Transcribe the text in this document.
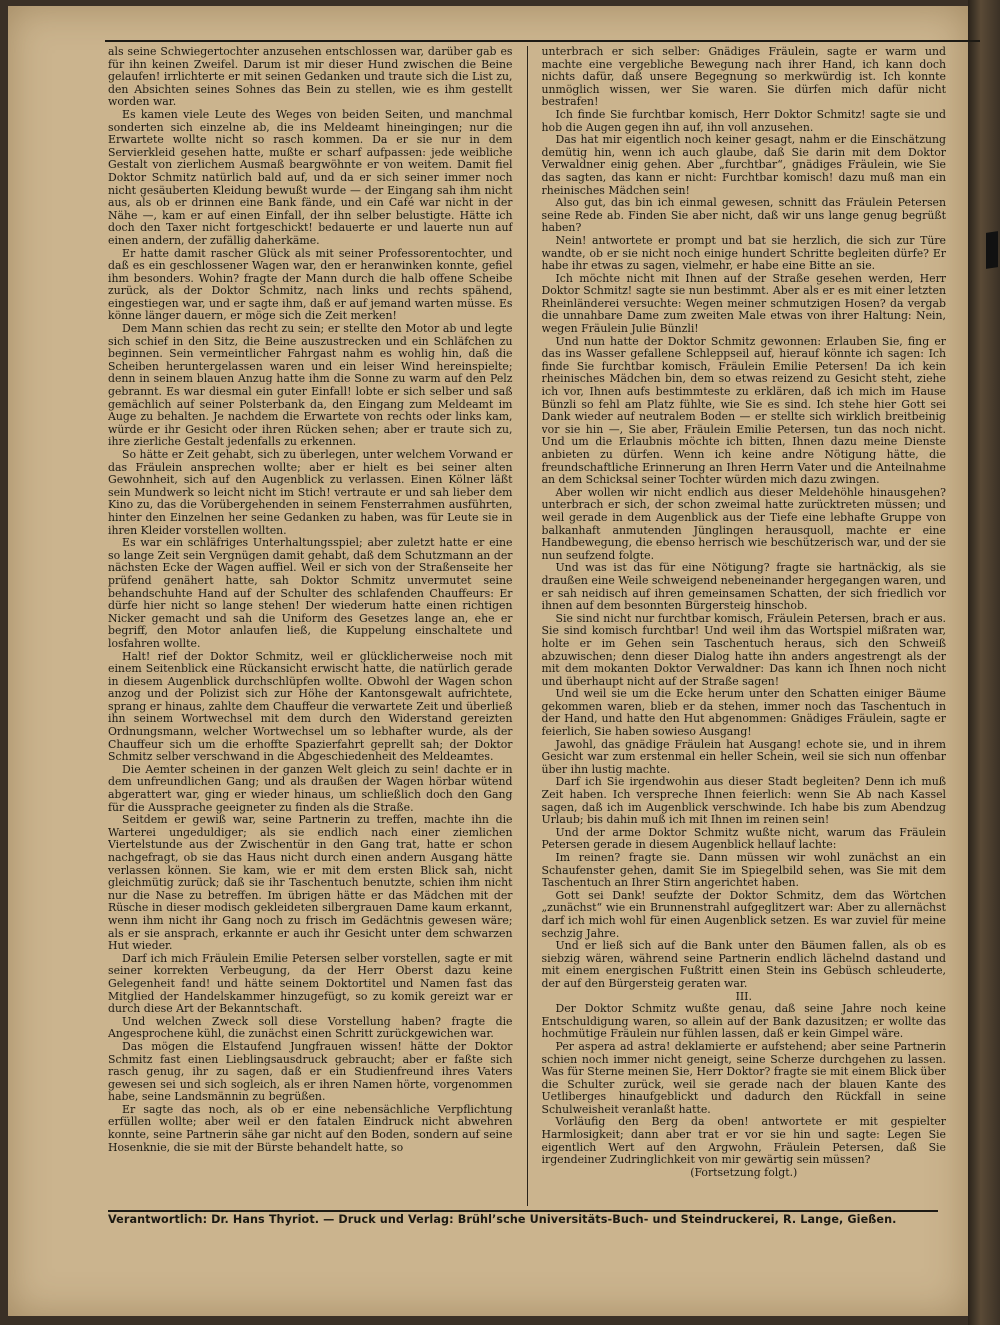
als seine Schwiegertochter anzusehen entschlossen war, darüber gab es für ihn keinen Zweifel. Darum ist mir dieser Hund zwischen die Beine gelaufen! irrlichterte er mit seinen Gedanken und traute sich die List zu, den Absichten seines Sohnes das Bein zu stellen, wie es ihm gestellt worden war.

Es kamen viele Leute des Weges von beiden Seiten, und manchmal sonderten sich einzelne ab, die ins Meldeamt hineingingen; nur die Erwartete wollte nicht so rasch kommen. Da er sie nur in dem Servierkleid gesehen hatte, mußte er scharf aufpassen: jede weibliche Gestalt von zierlichem Ausmaß beargwöhnte er von weitem. Damit fiel Doktor Schmitz natürlich bald auf, und da er sich seiner immer noch nicht gesäuberten Kleidung bewußt wurde — der Eingang sah ihm nicht aus, als ob er drinnen eine Bank fände, und ein Café war nicht in der Nähe —, kam er auf einen Einfall, der ihn selber belustigte. Hätte ich doch den Taxer nicht fortgeschickt! bedauerte er und lauerte nun auf einen andern, der zufällig daherkäme.

Er hatte damit rascher Glück als mit seiner Professorentochter, und daß es ein geschlossener Wagen war, den er heranwinken konnte, gefiel ihm besonders. Wohin? fragte der Mann durch die halb offene Scheibe zurück, als der Doktor Schmitz, nach links und rechts spähend, eingestiegen war, und er sagte ihm, daß er auf jemand warten müsse. Es könne länger dauern, er möge sich die Zeit merken!

Dem Mann schien das recht zu sein; er stellte den Motor ab und legte sich schief in den Sitz, die Beine auszustrecken und ein Schläfchen zu beginnen. Sein vermeintlicher Fahrgast nahm es wohlig hin, daß die Scheiben heruntergelassen waren und ein leiser Wind hereinspielte; denn in seinem blauen Anzug hatte ihm die Sonne zu warm auf den Pelz gebrannt. Es war diesmal ein guter Einfall! lobte er sich selber und saß gemächlich auf seiner Polsterbank da, den Eingang zum Meldeamt im Auge zu behalten. Je nachdem die Erwartete von rechts oder links kam, würde er ihr Gesicht oder ihren Rücken sehen; aber er traute sich zu, ihre zierliche Gestalt jedenfalls zu erkennen.

So hätte er Zeit gehabt, sich zu überlegen, unter welchem Vorwand er das Fräulein ansprechen wollte; aber er hielt es bei seiner alten Gewohnheit, sich auf den Augenblick zu verlassen. Einen Kölner läßt sein Mundwerk so leicht nicht im Stich! vertraute er und sah lieber dem Kino zu, das die Vorübergehenden in seinem Fensterrahmen ausführten, hinter den Einzelnen her seine Gedanken zu haben, was für Leute sie in ihren Kleider vorstellen wollten.

Es war ein schläfriges Unterhaltungsspiel; aber zuletzt hatte er eine so lange Zeit sein Vergnügen damit gehabt, daß dem Schutzmann an der nächsten Ecke der Wagen auffiel. Weil er sich von der Straßenseite her prüfend genähert hatte, sah Doktor Schmitz unvermutet seine behandschuhte Hand auf der Schulter des schlafenden Chauffeurs: Er dürfe hier nicht so lange stehen! Der wiederum hatte einen richtigen Nicker gemacht und sah die Uniform des Gesetzes lange an, ehe er begriff, den Motor anlaufen ließ, die Kuppelung einschaltete und losfahren wollte.

Halt! rief der Doktor Schmitz, weil er glücklicherweise noch mit einem Seitenblick eine Rückansicht erwischt hatte, die natürlich gerade in diesem Augenblick durchschlüpfen wollte. Obwohl der Wagen schon anzog und der Polizist sich zur Höhe der Kantonsgewalt aufrichtete, sprang er hinaus, zahlte dem Chauffeur die verwartete Zeit und überließ ihn seinem Wortwechsel mit dem durch den Widerstand gereizten Ordnungsmann, welcher Wortwechsel um so lebhafter wurde, als der Chauffeur sich um die erhoffte Spazierfahrt geprellt sah; der Doktor Schmitz selber verschwand in die Abgeschiedenheit des Meldeamtes.

Die Aemter scheinen in der ganzen Welt gleich zu sein! dachte er in dem unfreundlichen Gang; und als draußen der Wagen hörbar wütend abgerattert war, ging er wieder hinaus, um schließlich doch den Gang für die Aussprache geeigneter zu finden als die Straße.

Seitdem er gewiß war, seine Partnerin zu treffen, machte ihn die Warterei ungeduldiger; als sie endlich nach einer ziemlichen Viertelstunde aus der Zwischentür in den Gang trat, hatte er schon nachgefragt, ob sie das Haus nicht durch einen andern Ausgang hätte verlassen können. Sie kam, wie er mit dem ersten Blick sah, nicht gleichmütig zurück; daß sie ihr Taschentuch benutzte, schien ihm nicht nur die Nase zu betreffen. Im übrigen hätte er das Mädchen mit der Rüsche in dieser modisch gekleideten silbergrauen Dame kaum erkannt, wenn ihm nicht ihr Gang noch zu frisch im Gedächtnis gewesen wäre; als er sie ansprach, erkannte er auch ihr Gesicht unter dem schwarzen Hut wieder.

Darf ich mich Fräulein Emilie Petersen selber vorstellen, sagte er mit seiner korrekten Verbeugung, da der Herr Oberst dazu keine Gelegenheit fand! und hätte seinem Doktortitel und Namen fast das Mitglied der Handelskammer hinzugefügt, so zu komik gereizt war er durch diese Art der Bekanntschaft.

Und welchen Zweck soll diese Vorstellung haben? fragte die Angesprochene kühl, die zunächst einen Schritt zurückgewichen war.

Das mögen die Elstaufend Jungfrauen wissen! hätte der Doktor Schmitz fast einen Lieblingsausdruck gebraucht; aber er faßte sich rasch genug, ihr zu sagen, daß er ein Studienfreund ihres Vaters gewesen sei und sich sogleich, als er ihren Namen hörte, vorgenommen habe, seine Landsmännin zu begrüßen.

Er sagte das noch, als ob er eine nebensächliche Verpflichtung erfüllen wollte; aber weil er den fatalen Eindruck nicht abwehren konnte, seine Partnerin sähe gar nicht auf den Boden, sondern auf seine Hosenknie, die sie mit der Bürste behandelt hatte, so

unterbrach er sich selber: Gnädiges Fräulein, sagte er warm und machte eine vergebliche Bewegung nach ihrer Hand, ich kann doch nichts dafür, daß unsere Begegnung so merkwürdig ist. Ich konnte unmöglich wissen, wer Sie waren. Sie dürfen mich dafür nicht bestrafen!

Ich finde Sie furchtbar komisch, Herr Doktor Schmitz! sagte sie und hob die Augen gegen ihn auf, ihn voll anzusehen.

Das hat mir eigentlich noch keiner gesagt, nahm er die Einschätzung demütig hin, wenn ich auch glaube, daß Sie darin mit dem Doktor Verwaldner einig gehen. Aber „furchtbar“, gnädiges Fräulein, wie Sie das sagten, das kann er nicht: Furchtbar komisch! dazu muß man ein rheinisches Mädchen sein!

Also gut, das bin ich einmal gewesen, schnitt das Fräulein Petersen seine Rede ab. Finden Sie aber nicht, daß wir uns lange genug begrüßt haben?

Nein! antwortete er prompt und bat sie herzlich, die sich zur Türe wandte, ob er sie nicht noch einige hundert Schritte begleiten dürfe? Er habe ihr etwas zu sagen, vielmehr, er habe eine Bitte an sie.

Ich möchte nicht mit Ihnen auf der Straße gesehen werden, Herr Doktor Schmitz! sagte sie nun bestimmt. Aber als er es mit einer letzten Rheinländerei versuchte: Wegen meiner schmutzigen Hosen? da vergab die unnahbare Dame zum zweiten Male etwas von ihrer Haltung: Nein, wegen Fräulein Julie Bünzli!

Und nun hatte der Doktor Schmitz gewonnen: Erlauben Sie, fing er das ins Wasser gefallene Schleppseil auf, hierauf könnte ich sagen: Ich finde Sie furchtbar komisch, Fräulein Emilie Petersen! Da ich kein rheinisches Mädchen bin, dem so etwas reizend zu Gesicht steht, ziehe ich vor, Ihnen aufs bestimmteste zu erklären, daß ich mich im Hause Bünzli so fehl am Platz fühlte, wie Sie es sind. Ich stehe hier Gott sei Dank wieder auf neutralem Boden — er stellte sich wirklich breitbeinig vor sie hin —, Sie aber, Fräulein Emilie Petersen, tun das noch nicht. Und um die Erlaubnis möchte ich bitten, Ihnen dazu meine Dienste anbieten zu dürfen. Wenn ich keine andre Nötigung hätte, die freundschaftliche Erinnerung an Ihren Herrn Vater und die Anteilnahme an dem Schicksal seiner Tochter würden mich dazu zwingen.

Aber wollen wir nicht endlich aus dieser Meldehöhle hinausgehen? unterbrach er sich, der schon zweimal hatte zurücktreten müssen; und weil gerade in dem Augenblick aus der Tiefe eine lebhafte Gruppe von balkanhaft anmutenden Jünglingen herausquoll, machte er eine Handbewegung, die ebenso herrisch wie beschützerisch war, und der sie nun seufzend folgte.

Und was ist das für eine Nötigung? fragte sie hartnäckig, als sie draußen eine Weile schweigend nebeneinander hergegangen waren, und er sah neidisch auf ihren gemeinsamen Schatten, der sich friedlich vor ihnen auf dem besonnten Bürgersteig hinschob.

Sie sind nicht nur furchtbar komisch, Fräulein Petersen, brach er aus. Sie sind komisch furchtbar! Und weil ihm das Wortspiel mißraten war, holte er im Gehen sein Taschentuch heraus, sich den Schweiß abzuwischen; denn dieser Dialog hatte ihn anders angestrengt als der mit dem mokanten Doktor Verwaldner: Das kann ich Ihnen noch nicht und überhaupt nicht auf der Straße sagen!

Und weil sie um die Ecke herum unter den Schatten einiger Bäume gekommen waren, blieb er da stehen, immer noch das Taschentuch in der Hand, und hatte den Hut abgenommen: Gnädiges Fräulein, sagte er feierlich, Sie haben sowieso Ausgang!

Jawohl, das gnädige Fräulein hat Ausgang! echote sie, und in ihrem Gesicht war zum erstenmal ein heller Schein, weil sie sich nun offenbar über ihn lustig machte.

Darf ich Sie irgendwohin aus dieser Stadt begleiten? Denn ich muß Zeit haben. Ich verspreche Ihnen feierlich: wenn Sie Ab nach Kassel sagen, daß ich im Augenblick verschwinde. Ich habe bis zum Abendzug Urlaub; bis dahin muß ich mit Ihnen im reinen sein!

Und der arme Doktor Schmitz wußte nicht, warum das Fräulein Petersen gerade in diesem Augenblick hellauf lachte:

Im reinen? fragte sie. Dann müssen wir wohl zunächst an ein Schaufenster gehen, damit Sie im Spiegelbild sehen, was Sie mit dem Taschentuch an Ihrer Stirn angerichtet haben.

Gott sei Dank! seufzte der Doktor Schmitz, dem das Wörtchen „zunächst“ wie ein Brunnenstrahl aufgeglitzert war: Aber zu allernächst darf ich mich wohl für einen Augenblick setzen. Es war zuviel für meine sechzig Jahre.

Und er ließ sich auf die Bank unter den Bäumen fallen, als ob es siebzig wären, während seine Partnerin endlich lächelnd dastand und mit einem energischen Fußtritt einen Stein ins Gebüsch schleuderte, der auf den Bürgersteig geraten war.

III.

Der Doktor Schmitz wußte genau, daß seine Jahre noch keine Entschuldigung waren, so allein auf der Bank dazusitzen; er wollte das hochmütige Fräulein nur fühlen lassen, daß er kein Gimpel wäre.

Per aspera ad astra! deklamierte er aufstehend; aber seine Partnerin schien noch immer nicht geneigt, seine Scherze durchgehen zu lassen. Was für Sterne meinen Sie, Herr Doktor? fragte sie mit einem Blick über die Schulter zurück, weil sie gerade nach der blauen Kante des Uetliberges hinaufgeblickt und dadurch den Rückfall in seine Schulweisheit veranlaßt hatte.

Vorläufig den Berg da oben! antwortete er mit gespielter Harmlosigkeit; dann aber trat er vor sie hin und sagte: Legen Sie eigentlich Wert auf den Argwohn, Fräulein Petersen, daß Sie irgendeiner Zudringlichkeit von mir gewärtig sein müssen?

(Fortsetzung folgt.)

Verantwortlich: Dr. Hans Thyriot. — Druck und Verlag: Brühl’sche Universitäts-Buch- und Steindruckerei, R. Lange, Gießen.
